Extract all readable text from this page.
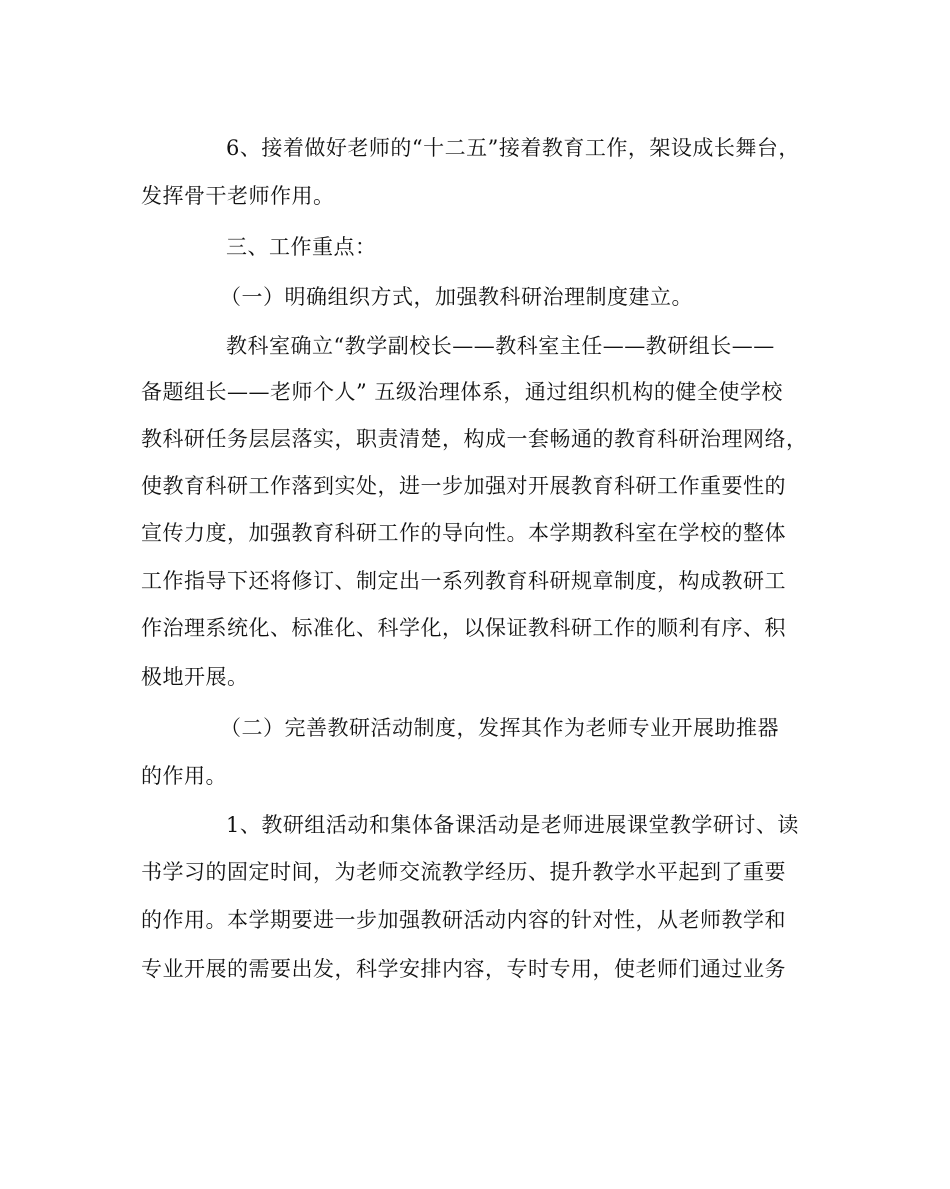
6、接着做好老师的“十二五”接着教育工作，架设成长舞台，
发挥骨干老师作用。
三、工作重点：
（一）明确组织方式，加强教科研治理制度建立。
教科室确立“教学副校长——教科室主任——教研组长——
备题组长——老师个人” 五级治理体系，通过组织机构的健全使学校
教科研任务层层落实，职责清楚，构成一套畅通的教育科研治理网络，
使教育科研工作落到实处，进一步加强对开展教育科研工作重要性的
宣传力度，加强教育科研工作的导向性。本学期教科室在学校的整体
工作指导下还将修订、制定出一系列教育科研规章制度，构成教研工
作治理系统化、标准化、科学化，以保证教科研工作的顺利有序、积
极地开展。
（二）完善教研活动制度，发挥其作为老师专业开展助推器
的作用。
1、教研组活动和集体备课活动是老师进展课堂教学研讨、读
书学习的固定时间，为老师交流教学经历、提升教学水平起到了重要
的作用。本学期要进一步加强教研活动内容的针对性，从老师教学和
专业开展的需要出发，科学安排内容，专时专用，使老师们通过业务
